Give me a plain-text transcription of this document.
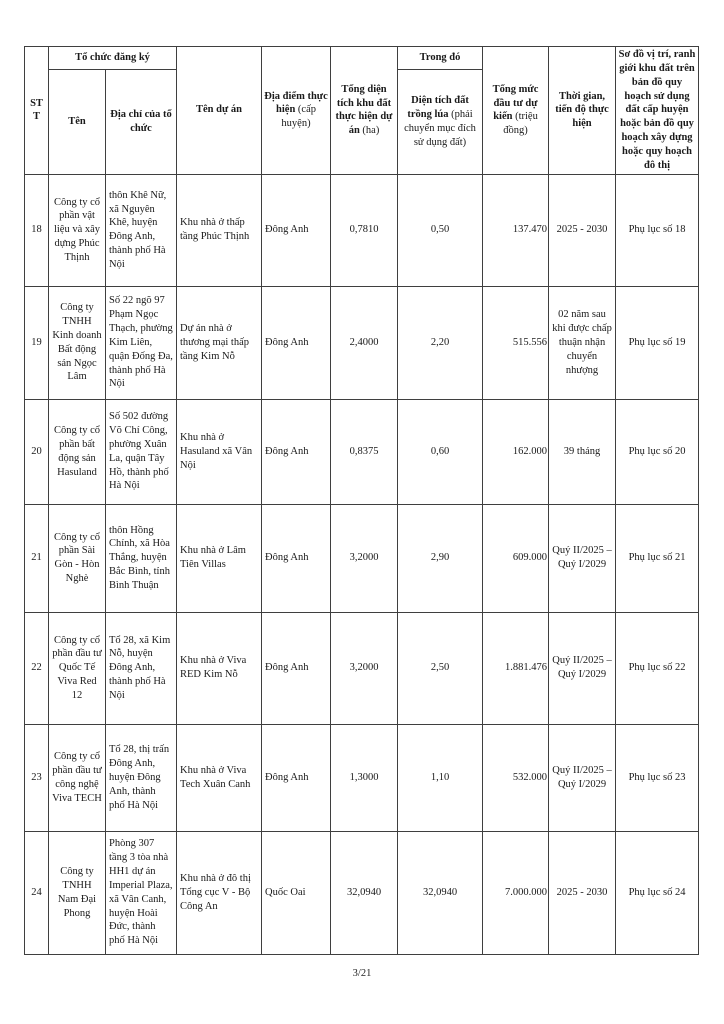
STT	Tổ chức đăng ký		Tên dự án	Địa điểm thực hiện (cấp huyện)	Tổng diện tích khu đất thực hiện dự án (ha)	Trong đó	Tổng mức đầu tư dự kiến (triệu đồng)	Thời gian, tiến độ thực hiện	Sơ đồ vị trí, ranh giới khu đất trên bản đồ quy hoạch sử dụng đất cấp huyện hoặc bản đồ quy hoạch xây dựng hoặc quy hoạch đô thị
	Tên	Địa chỉ của tổ chức				Diện tích đất trồng lúa (phải chuyển mục đích sử dụng đất)			
18	Công ty cổ phần vật liệu và xây dựng Phúc Thịnh	thôn Khê Nữ, xã Nguyên Khê, huyện Đông Anh, thành phố Hà Nội	Khu nhà ở thấp tầng Phúc Thịnh	Đông Anh	0,7810	0,50	137.470	2025 - 2030	Phụ lục số 18
19	Công ty TNHH Kinh doanh Bất động sản Ngọc Lâm	Số 22 ngõ 97 Phạm Ngọc Thạch, phường Kim Liên, quận Đống Đa, thành phố Hà Nội	Dự án nhà ở thương mại thấp tầng Kim Nỗ	Đông Anh	2,4000	2,20	515.556	02 năm sau khi được chấp thuận nhận chuyển nhượng	Phụ lục số 19
20	Công ty cổ phần bất động sản Hasuland	Số 502 đường Võ Chí Công, phường Xuân La, quận Tây Hồ, thành phố Hà Nội	Khu nhà ở Hasuland xã Vân Nội	Đông Anh	0,8375	0,60	162.000	39 tháng	Phụ lục số 20
21	Công ty cổ phần Sài Gòn - Hòn Nghè	thôn Hồng Chính, xã Hòa Thắng, huyện Bắc Bình, tỉnh Bình Thuận	Khu nhà ở Lâm Tiên Villas	Đông Anh	3,2000	2,90	609.000	Quý II/2025 – Quý I/2029	Phụ lục số 21
22	Công ty cổ phần đầu tư Quốc Tế Viva Red 12	Tổ 28, xã Kim Nỗ, huyện Đông Anh, thành phố Hà Nội	Khu nhà ở Viva RED Kim Nỗ	Đông Anh	3,2000	2,50	1.881.476	Quý II/2025 – Quý I/2029	Phụ lục số 22
23	Công ty cổ phần đầu tư công nghệ Viva TECH	Tổ 28, thị trấn Đông Anh, huyện Đông Anh, thành phố Hà Nội	Khu nhà ở Viva Tech Xuân Canh	Đông Anh	1,3000	1,10	532.000	Quý II/2025 – Quý I/2029	Phụ lục số 23
24	Công ty TNHH Nam Đại Phong	Phòng 307 tầng 3 tòa nhà HH1 dự án Imperial Plaza, xã Vân Canh, huyện Hoài Đức, thành phố Hà Nội	Khu nhà ở đô thị Tổng cục V - Bộ Công An	Quốc Oai	32,0940	32,0940	7.000.000	2025 - 2030	Phụ lục số 24
3/21
